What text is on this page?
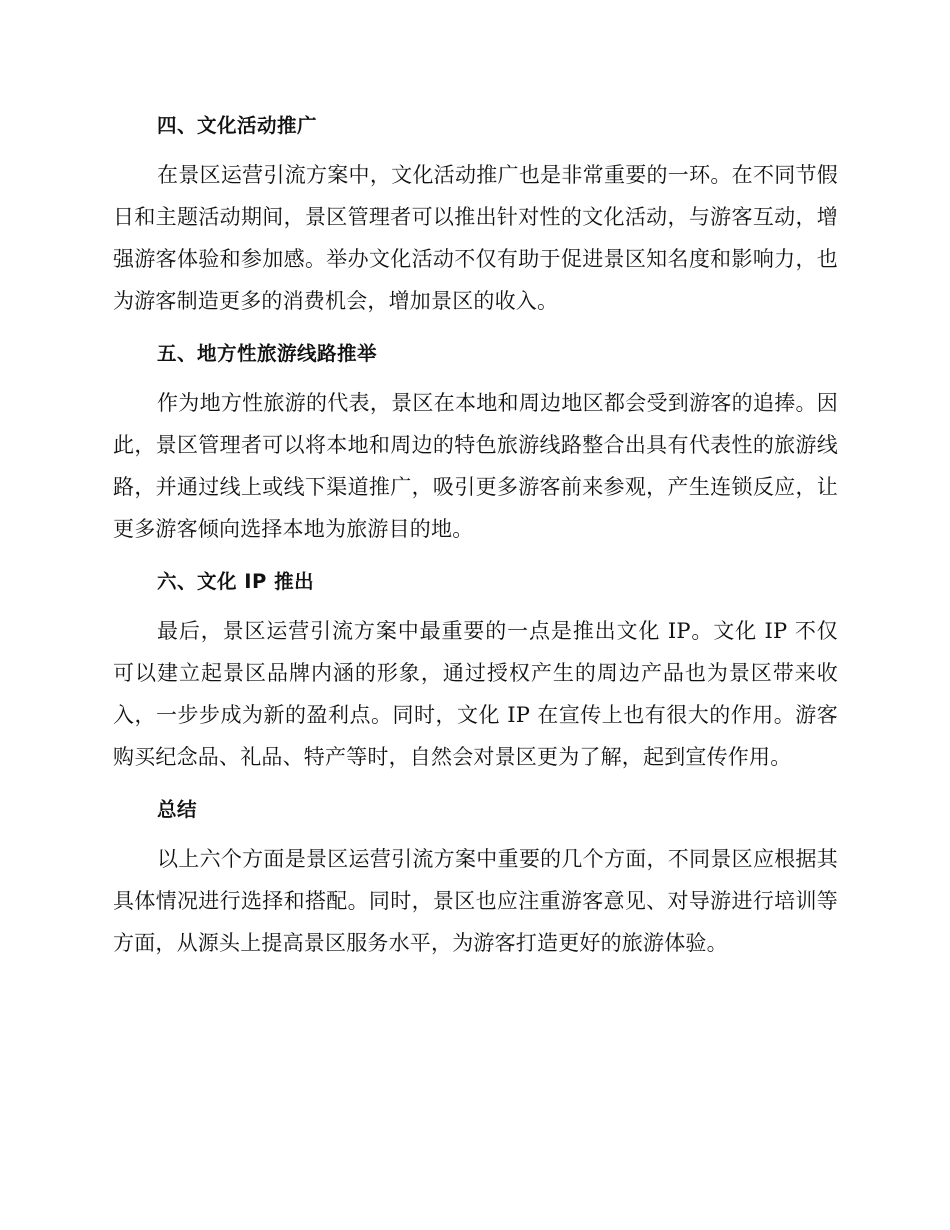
四、文化活动推广

在景区运营引流方案中，文化活动推广也是非常重要的一环。在不同节假日和主题活动期间，景区管理者可以推出针对性的文化活动，与游客互动，增强游客体验和参加感。举办文化活动不仅有助于促进景区知名度和影响力，也为游客制造更多的消费机会，增加景区的收入。

五、地方性旅游线路推举

作为地方性旅游的代表，景区在本地和周边地区都会受到游客的追捧。因此，景区管理者可以将本地和周边的特色旅游线路整合出具有代表性的旅游线路，并通过线上或线下渠道推广，吸引更多游客前来参观，产生连锁反应，让更多游客倾向选择本地为旅游目的地。

六、文化 IP 推出

最后，景区运营引流方案中最重要的一点是推出文化 IP。文化 IP 不仅可以建立起景区品牌内涵的形象，通过授权产生的周边产品也为景区带来收入，一步步成为新的盈利点。同时，文化 IP 在宣传上也有很大的作用。游客购买纪念品、礼品、特产等时，自然会对景区更为了解，起到宣传作用。

总结

以上六个方面是景区运营引流方案中重要的几个方面，不同景区应根据其具体情况进行选择和搭配。同时，景区也应注重游客意见、对导游进行培训等方面，从源头上提高景区服务水平，为游客打造更好的旅游体验。
